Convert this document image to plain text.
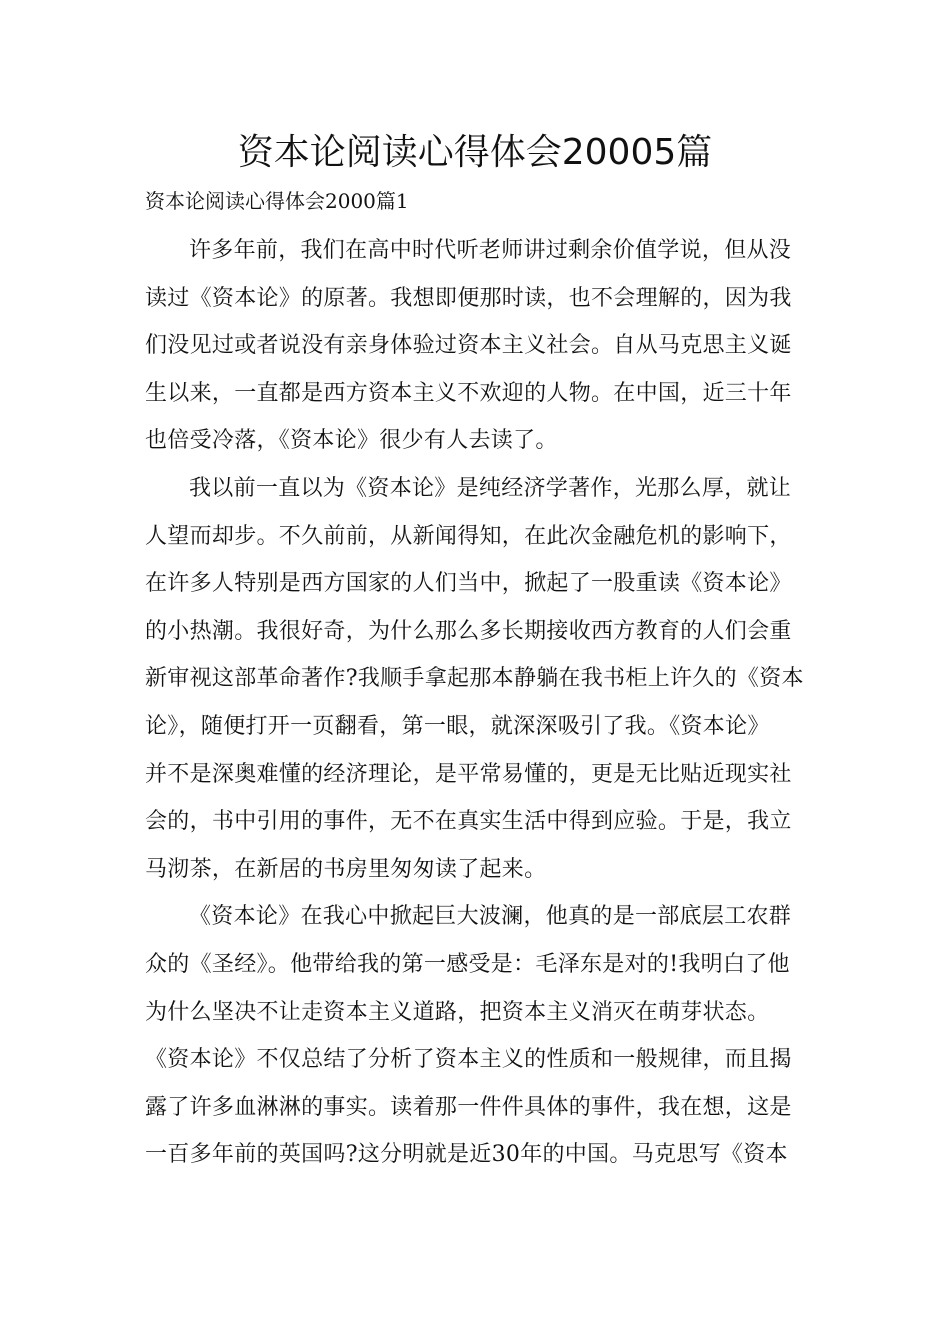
资本论阅读心得体会20005篇

资本论阅读心得体会2000篇1

许多年前，我们在高中时代听老师讲过剩余价值学说，但从没
读过《资本论》的原著。我想即便那时读，也不会理解的，因为我
们没见过或者说没有亲身体验过资本主义社会。自从马克思主义诞
生以来，一直都是西方资本主义不欢迎的人物。在中国，近三十年
也倍受冷落，《资本论》很少有人去读了。
我以前一直以为《资本论》是纯经济学著作，光那么厚，就让
人望而却步。不久前前，从新闻得知，在此次金融危机的影响下，
在许多人特别是西方国家的人们当中，掀起了一股重读《资本论》
的小热潮。我很好奇，为什么那么多长期接收西方教育的人们会重
新审视这部革命著作?我顺手拿起那本静躺在我书柜上许久的《资本
论》，随便打开一页翻看，第一眼，就深深吸引了我。《资本论》
并不是深奥难懂的经济理论，是平常易懂的，更是无比贴近现实社
会的，书中引用的事件，无不在真实生活中得到应验。于是，我立
马沏茶，在新居的书房里匆匆读了起来。
《资本论》在我心中掀起巨大波澜，他真的是一部底层工农群
众的《圣经》。他带给我的第一感受是：毛泽东是对的!我明白了他
为什么坚决不让走资本主义道路，把资本主义消灭在萌芽状态。
《资本论》不仅总结了分析了资本主义的性质和一般规律，而且揭
露了许多血淋淋的事实。读着那一件件具体的事件，我在想，这是
一百多年前的英国吗?这分明就是近30年的中国。马克思写《资本
